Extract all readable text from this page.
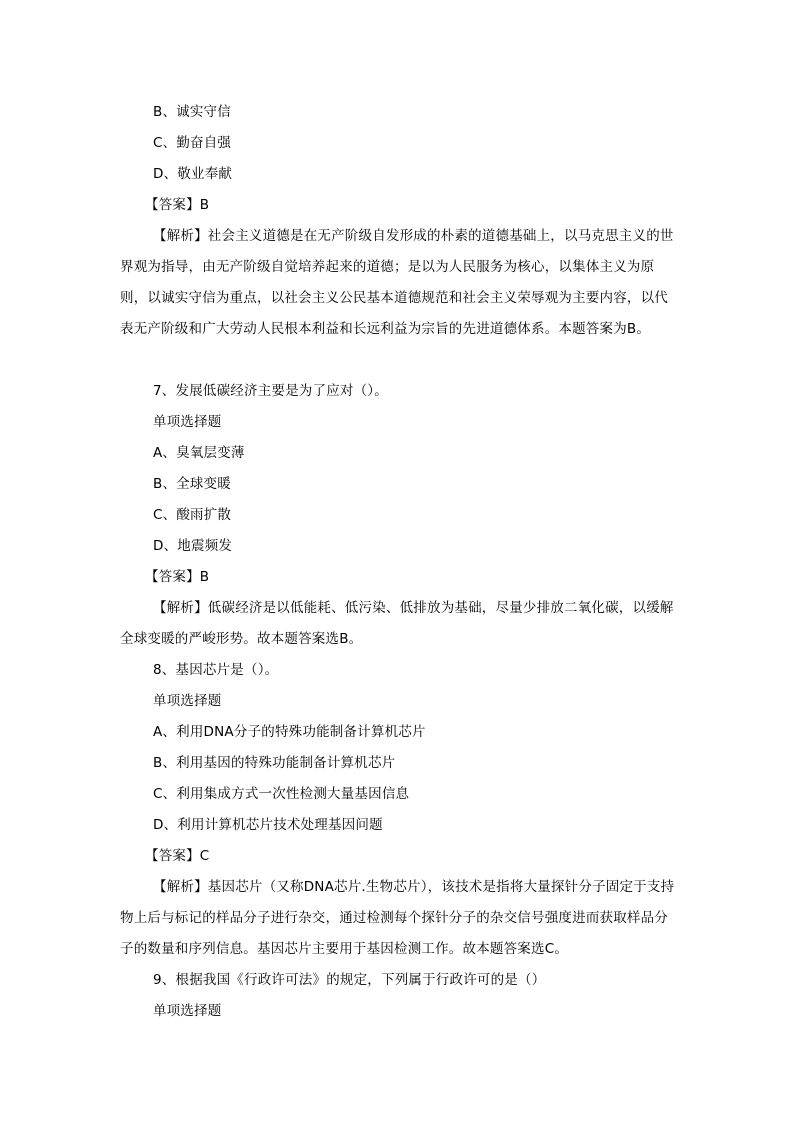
B、诚实守信
C、勤奋自强
D、敬业奉献
【答案】B
【解析】社会主义道德是在无产阶级自发形成的朴素的道德基础上，以马克思主义的世界观为指导，由无产阶级自觉培养起来的道德；是以为人民服务为核心，以集体主义为原则，以诚实守信为重点，以社会主义公民基本道德规范和社会主义荣辱观为主要内容，以代表无产阶级和广大劳动人民根本利益和长远利益为宗旨的先进道德体系。本题答案为B。
7、发展低碳经济主要是为了应对（）。
单项选择题
A、臭氧层变薄
B、全球变暖
C、酸雨扩散
D、地震频发
【答案】B
【解析】低碳经济是以低能耗、低污染、低排放为基础，尽量少排放二氧化碳，以缓解全球变暖的严峻形势。故本题答案选B。
8、基因芯片是（）。
单项选择题
A、利用DNA分子的特殊功能制备计算机芯片
B、利用基因的特殊功能制备计算机芯片
C、利用集成方式一次性检测大量基因信息
D、利用计算机芯片技术处理基因问题
【答案】C
【解析】基因芯片（又称DNA芯片.生物芯片），该技术是指将大量探针分子固定于支持物上后与标记的样品分子进行杂交，通过检测每个探针分子的杂交信号强度进而获取样品分子的数量和序列信息。基因芯片主要用于基因检测工作。故本题答案选C。
9、根据我国《行政许可法》的规定，下列属于行政许可的是（）
单项选择题
